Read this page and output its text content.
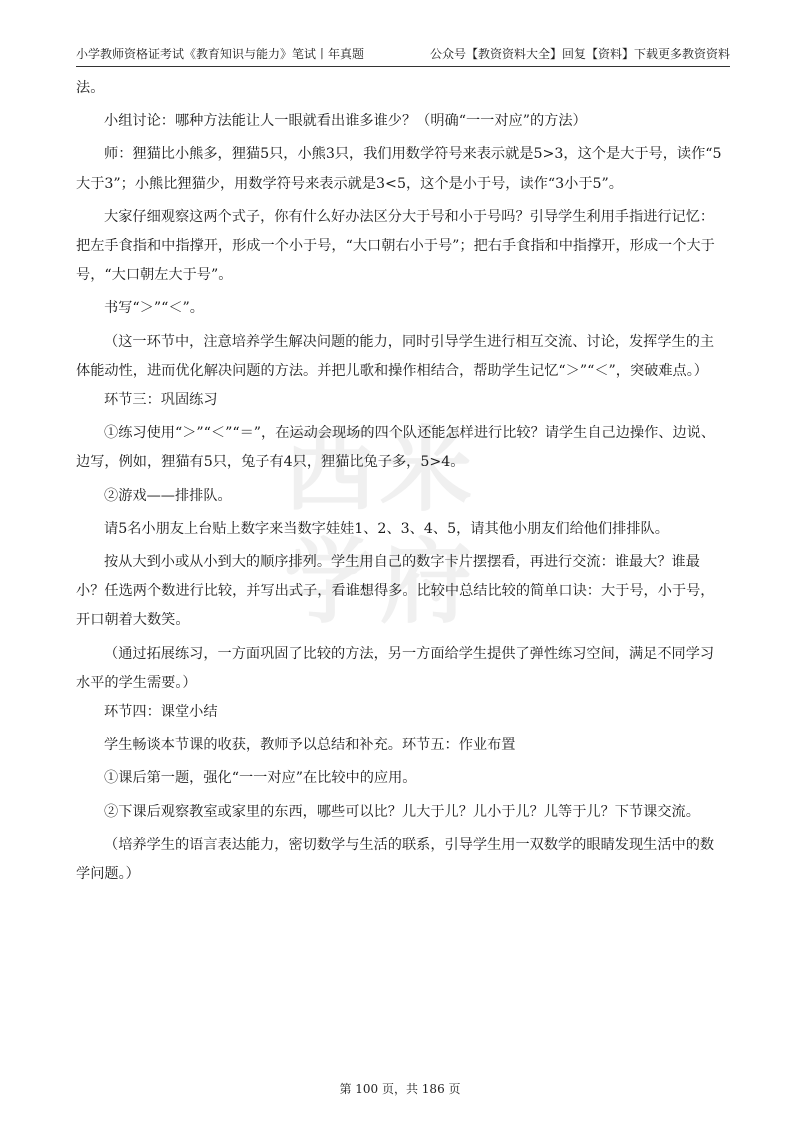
小学教师资格证考试《教育知识与能力》笔试丨年真题	公众号【教资资料大全】回复【资料】下载更多教资资料
西米
学府

法。

小组讨论：哪种方法能让人一眼就看出谁多谁少？（明确“一一对应”的方法）

师：狸猫比小熊多，狸猫5只，小熊3只，我们用数学符号来表示就是5>3，这个是大于号，读作“5大于3”；小熊比狸猫少，用数学符号来表示就是3<5，这个是小于号，读作“3小于5”。

大家仔细观察这两个式子，你有什么好办法区分大于号和小于号吗？引导学生利用手指进行记忆：把左手食指和中指撑开，形成一个小于号，“大口朝右小于号”；把右手食指和中指撑开，形成一个大于号，“大口朝左大于号”。

书写“＞”“＜”。

（这一环节中，注意培养学生解决问题的能力，同时引导学生进行相互交流、讨论，发挥学生的主体能动性，进而优化解决问题的方法。并把儿歌和操作相结合，帮助学生记忆“＞”“＜”，突破难点。）

环节三：巩固练习

①练习使用“＞”“＜”“＝”，在运动会现场的四个队还能怎样进行比较？请学生自己边操作、边说、边写，例如，狸猫有5只，兔子有4只，狸猫比兔子多，5>4。

②游戏——排排队。

请5名小朋友上台贴上数字来当数字娃娃1、2、3、4、5，请其他小朋友们给他们排排队。

按从大到小或从小到大的顺序排列。学生用自己的数字卡片摆摆看，再进行交流：谁最大？谁最小？任选两个数进行比较，并写出式子，看谁想得多。比较中总结比较的简单口诀：大于号，小于号，开口朝着大数笑。

（通过拓展练习，一方面巩固了比较的方法，另一方面给学生提供了弹性练习空间，满足不同学习水平的学生需要。）

环节四：课堂小结

学生畅谈本节课的收获，教师予以总结和补充。环节五：作业布置

①课后第一题，强化“一一对应”在比较中的应用。

②下课后观察教室或家里的东西，哪些可以比？儿大于儿？儿小于儿？儿等于儿？下节课交流。

（培养学生的语言表达能力，密切数学与生活的联系，引导学生用一双数学的眼睛发现生活中的数学问题。）

第 100 页，共 186 页
